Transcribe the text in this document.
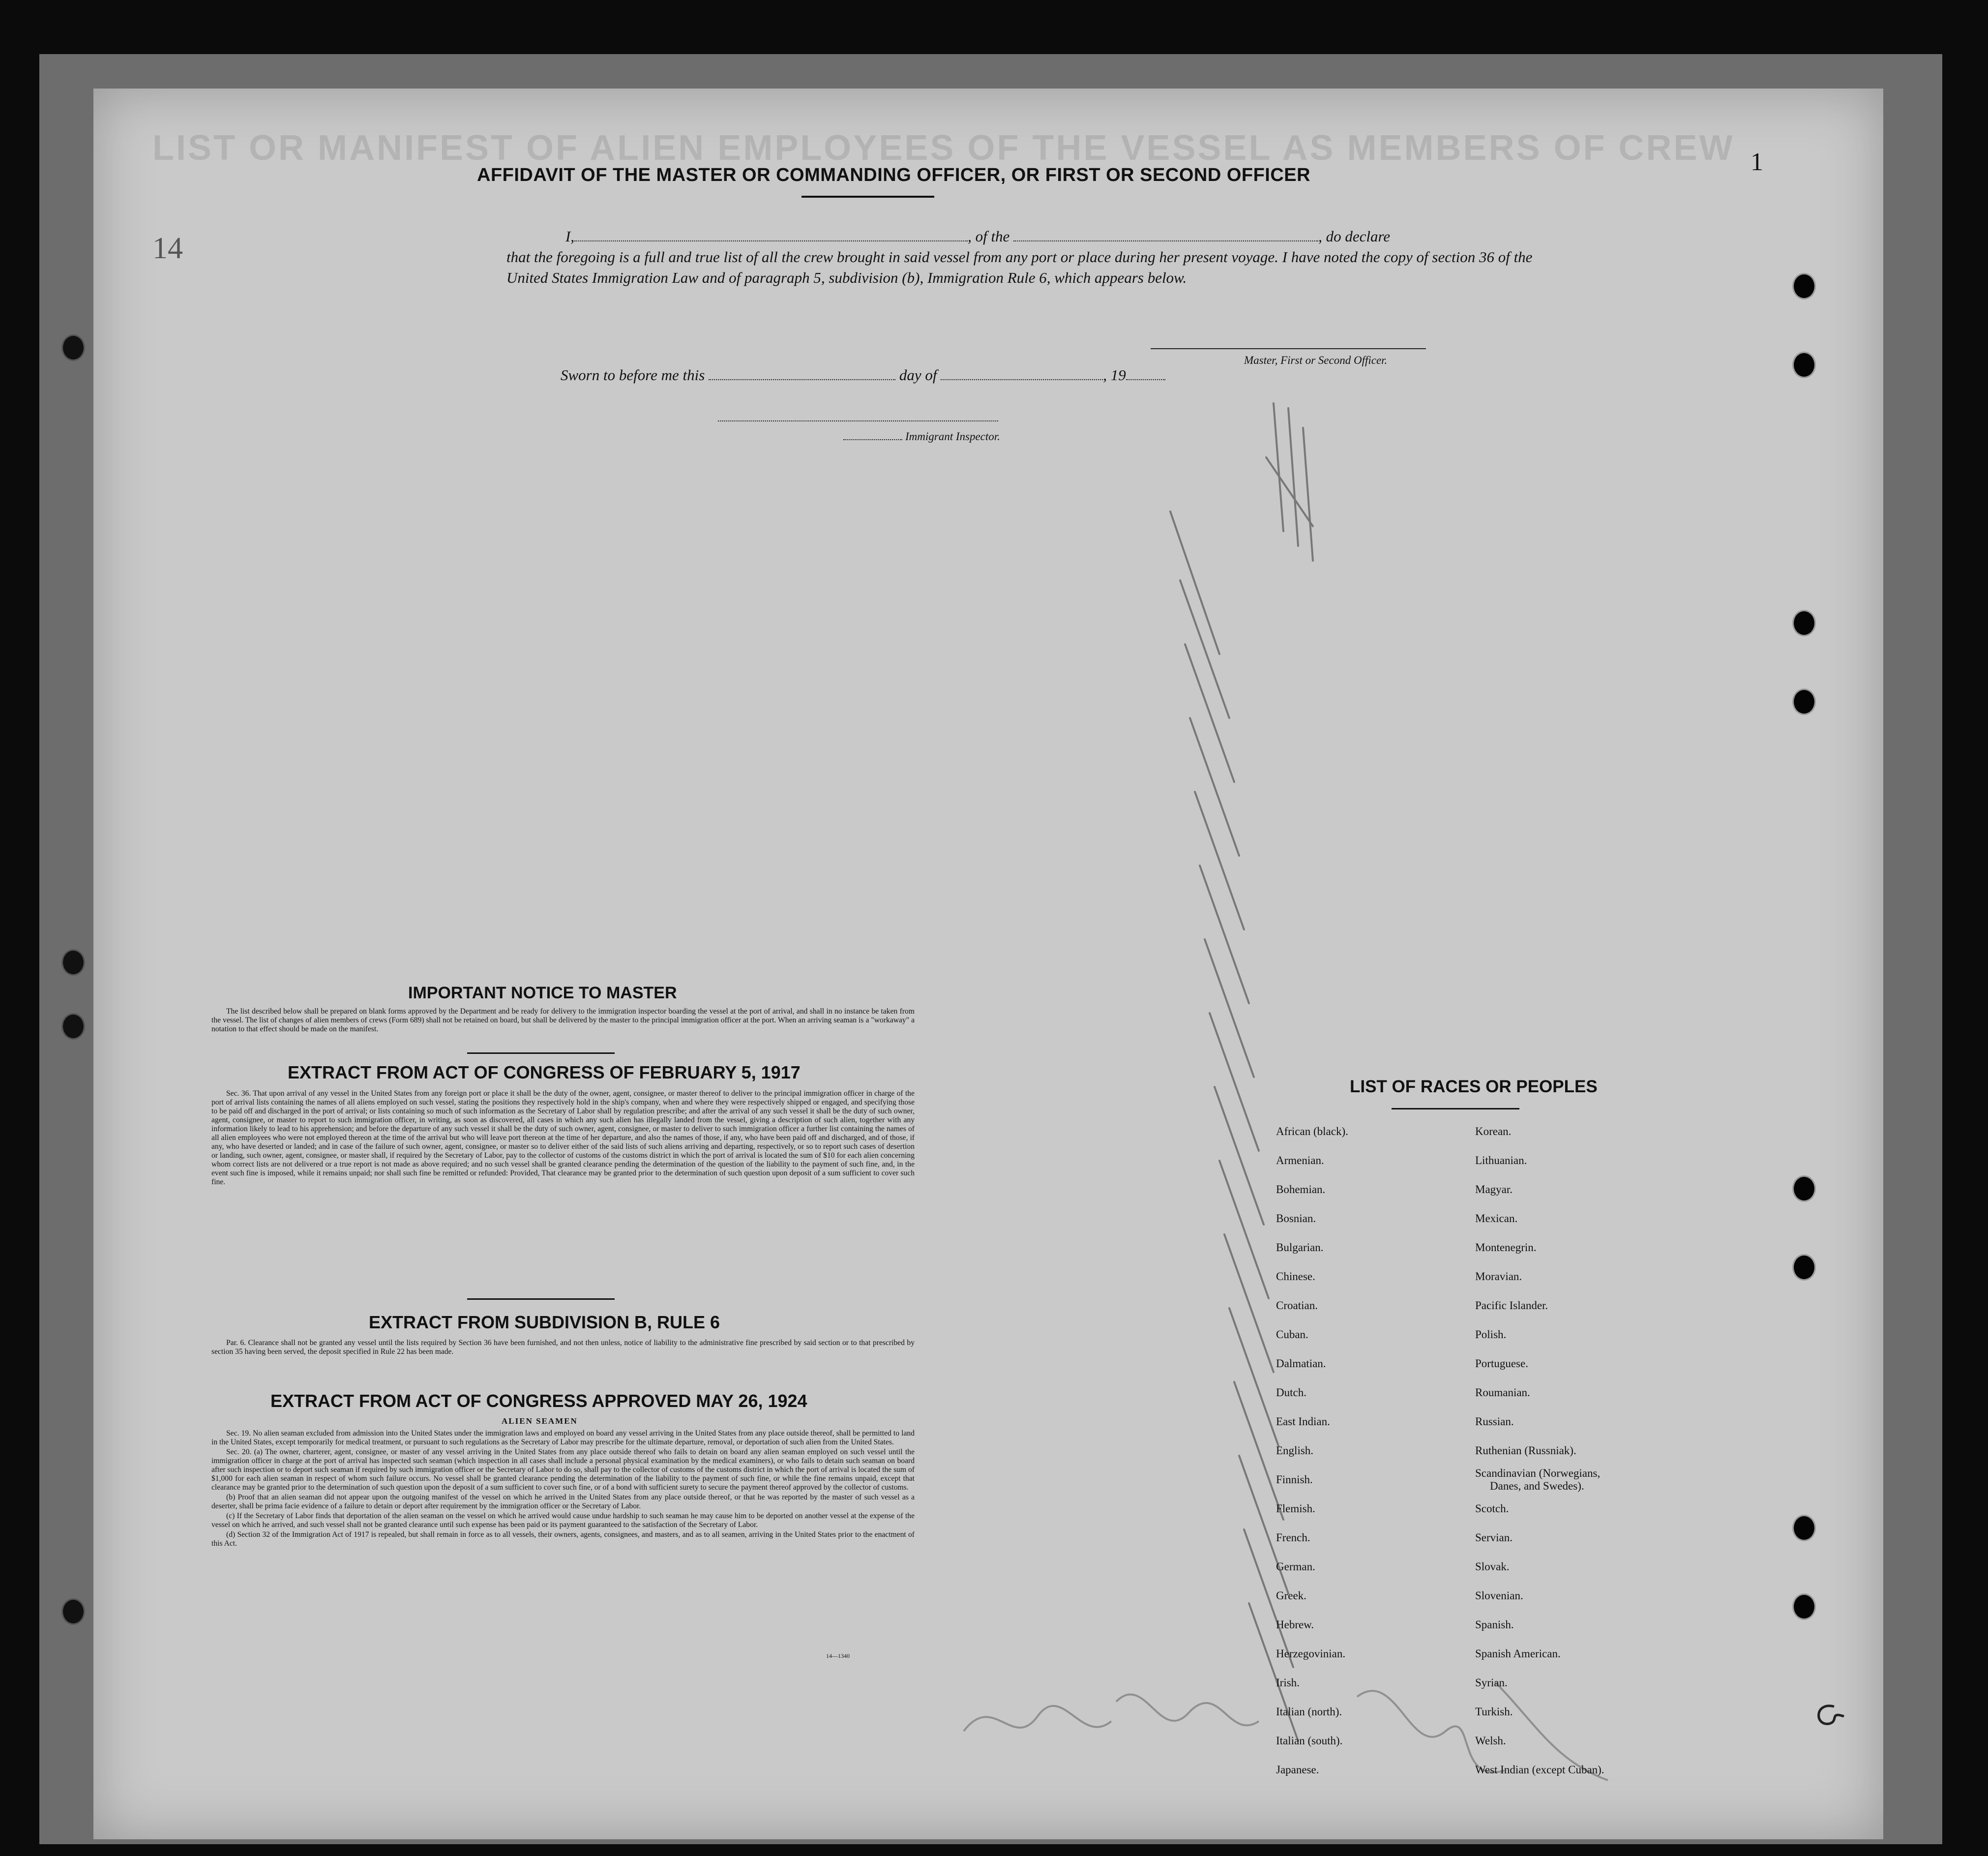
LIST OR MANIFEST OF ALIEN EMPLOYEES OF THE VESSEL AS MEMBERS OF CREW
14
1
AFFIDAVIT OF THE MASTER OR COMMANDING OFFICER, OR FIRST OR SECOND OFFICER
I,	, of the	, do declare
that the foregoing is a full and true list of all the crew brought in said vessel from any port or place during her present voyage. I have noted the copy of section 36 of the United States Immigration Law and of paragraph 5, subdivision (b), Immigration Rule 6, which appears below.
Master, First or Second Officer.
Sworn to before me this	day of	, 19
Immigrant Inspector.
IMPORTANT NOTICE TO MASTER

The list described below shall be prepared on blank forms approved by the Department and be ready for delivery to the immigration inspector boarding the vessel at the port of arrival, and shall in no instance be taken from the vessel. The list of changes of alien members of crews (Form 689) shall not be retained on board, but shall be delivered by the master to the principal immigration officer at the port. When an arriving seaman is a "workaway" a notation to that effect should be made on the manifest.

EXTRACT FROM ACT OF CONGRESS OF FEBRUARY 5, 1917

Sec. 36. That upon arrival of any vessel in the United States from any foreign port or place it shall be the duty of the owner, agent, consignee, or master thereof to deliver to the principal immigration officer in charge of the port of arrival lists containing the names of all aliens employed on such vessel, stating the positions they respectively hold in the ship's company, when and where they were respectively shipped or engaged, and specifying those to be paid off and discharged in the port of arrival; or lists containing so much of such information as the Secretary of Labor shall by regulation prescribe; and after the arrival of any such vessel it shall be the duty of such owner, agent, consignee, or master to report to such immigration officer, in writing, as soon as discovered, all cases in which any such alien has illegally landed from the vessel, giving a description of such alien, together with any information likely to lead to his apprehension; and before the departure of any such vessel it shall be the duty of such owner, agent, consignee, or master to deliver to such immigration officer a further list containing the names of all alien employees who were not employed thereon at the time of the arrival but who will leave port thereon at the time of her departure, and also the names of those, if any, who have been paid off and discharged, and of those, if any, who have deserted or landed; and in case of the failure of such owner, agent, consignee, or master so to deliver either of the said lists of such aliens arriving and departing, respectively, or so to report such cases of desertion or landing, such owner, agent, consignee, or master shall, if required by the Secretary of Labor, pay to the collector of customs of the customs district in which the port of arrival is located the sum of $10 for each alien concerning whom correct lists are not delivered or a true report is not made as above required; and no such vessel shall be granted clearance pending the determination of the question of the liability to the payment of such fine, and, in the event such fine is imposed, while it remains unpaid; nor shall such fine be remitted or refunded: Provided, That clearance may be granted prior to the determination of such question upon deposit of a sum sufficient to cover such fine.

EXTRACT FROM SUBDIVISION B, RULE 6

Par. 6. Clearance shall not be granted any vessel until the lists required by Section 36 have been furnished, and not then unless, notice of liability to the administrative fine prescribed by said section or to that prescribed by section 35 having been served, the deposit specified in Rule 22 has been made.

EXTRACT FROM ACT OF CONGRESS APPROVED MAY 26, 1924
ALIEN SEAMEN

Sec. 19. No alien seaman excluded from admission into the United States under the immigration laws and employed on board any vessel arriving in the United States from any place outside thereof, shall be permitted to land in the United States, except temporarily for medical treatment, or pursuant to such regulations as the Secretary of Labor may prescribe for the ultimate departure, removal, or deportation of such alien from the United States.

Sec. 20. (a) The owner, charterer, agent, consignee, or master of any vessel arriving in the United States from any place outside thereof who fails to detain on board any alien seaman employed on such vessel until the immigration officer in charge at the port of arrival has inspected such seaman (which inspection in all cases shall include a personal physical examination by the medical examiners), or who fails to detain such seaman on board after such inspection or to deport such seaman if required by such immigration officer or the Secretary of Labor to do so, shall pay to the collector of customs of the customs district in which the port of arrival is located the sum of $1,000 for each alien seaman in respect of whom such failure occurs. No vessel shall be granted clearance pending the determination of the liability to the payment of such fine, or while the fine remains unpaid, except that clearance may be granted prior to the determination of such question upon the deposit of a sum sufficient to cover such fine, or of a bond with sufficient surety to secure the payment thereof approved by the collector of customs.

(b) Proof that an alien seaman did not appear upon the outgoing manifest of the vessel on which he arrived in the United States from any place outside thereof, or that he was reported by the master of such vessel as a deserter, shall be prima facie evidence of a failure to detain or deport after requirement by the immigration officer or the Secretary of Labor.

(c) If the Secretary of Labor finds that deportation of the alien seaman on the vessel on which he arrived would cause undue hardship to such seaman he may cause him to be deported on another vessel at the expense of the vessel on which he arrived, and such vessel shall not be granted clearance until such expense has been paid or its payment guaranteed to the satisfaction of the Secretary of Labor.

(d) Section 32 of the Immigration Act of 1917 is repealed, but shall remain in force as to all vessels, their owners, agents, consignees, and masters, and as to all seamen, arriving in the United States prior to the enactment of this Act.

14—1340
LIST OF RACES OR PEOPLES
African (black).
Armenian.
Bohemian.
Bosnian.
Bulgarian.
Chinese.
Croatian.
Cuban.
Dalmatian.
Dutch.
East Indian.
English.
Finnish.
Flemish.
French.
German.
Greek.
Hebrew.
Herzegovinian.
Irish.
Italian (north).
Italian (south).
Japanese.
Korean.
Lithuanian.
Magyar.
Mexican.
Montenegrin.
Moravian.
Pacific Islander.
Polish.
Portuguese.
Roumanian.
Russian.
Ruthenian (Russniak).
Scandinavian (Norwegians,
Danes, and Swedes).
Scotch.
Servian.
Slovak.
Slovenian.
Spanish.
Spanish American.
Syrian.
Turkish.
Welsh.
West Indian (except Cuban).
